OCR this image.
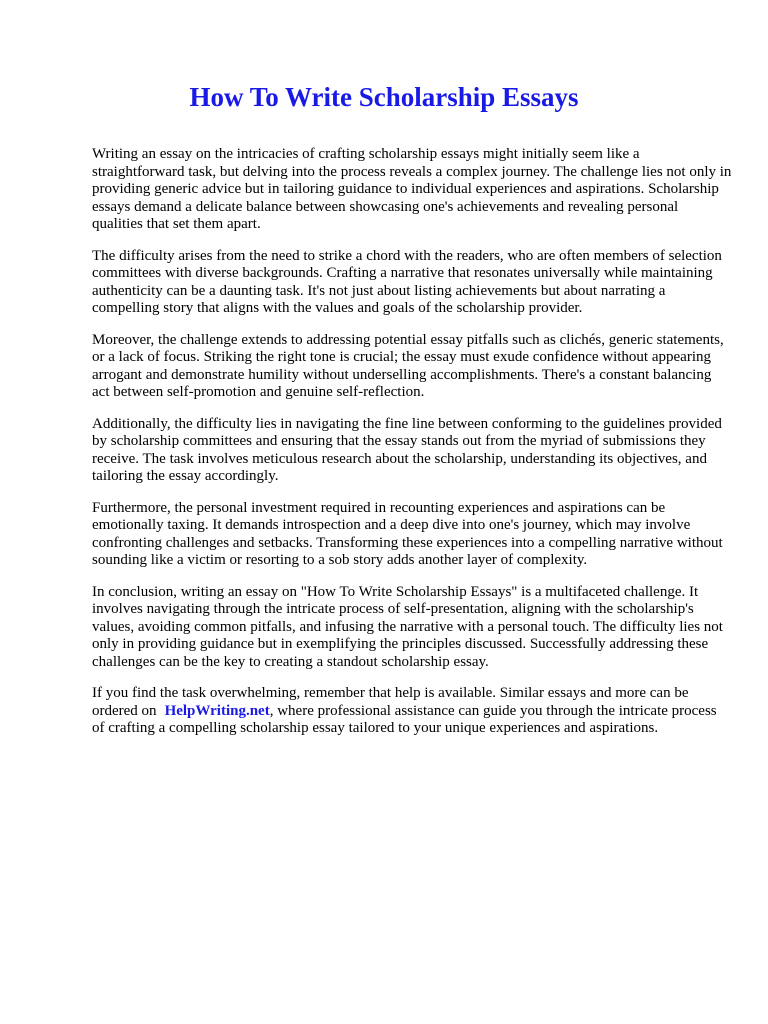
How To Write Scholarship Essays

Writing an essay on the intricacies of crafting scholarship essays might initially seem like a straightforward task, but delving into the process reveals a complex journey. The challenge lies not only in providing generic advice but in tailoring guidance to individual experiences and aspirations. Scholarship essays demand a delicate balance between showcasing one's achievements and revealing personal qualities that set them apart.

The difficulty arises from the need to strike a chord with the readers, who are often members of selection committees with diverse backgrounds. Crafting a narrative that resonates universally while maintaining authenticity can be a daunting task. It's not just about listing achievements but about narrating a compelling story that aligns with the values and goals of the scholarship provider.

Moreover, the challenge extends to addressing potential essay pitfalls such as clichés, generic statements, or a lack of focus. Striking the right tone is crucial; the essay must exude confidence without appearing arrogant and demonstrate humility without underselling accomplishments. There's a constant balancing act between self-promotion and genuine self-reflection.

Additionally, the difficulty lies in navigating the fine line between conforming to the guidelines provided by scholarship committees and ensuring that the essay stands out from the myriad of submissions they receive. The task involves meticulous research about the scholarship, understanding its objectives, and tailoring the essay accordingly.

Furthermore, the personal investment required in recounting experiences and aspirations can be emotionally taxing. It demands introspection and a deep dive into one's journey, which may involve confronting challenges and setbacks. Transforming these experiences into a compelling narrative without sounding like a victim or resorting to a sob story adds another layer of complexity.

In conclusion, writing an essay on "How To Write Scholarship Essays" is a multifaceted challenge. It involves navigating through the intricate process of self-presentation, aligning with the scholarship's values, avoiding common pitfalls, and infusing the narrative with a personal touch. The difficulty lies not only in providing guidance but in exemplifying the principles discussed. Successfully addressing these challenges can be the key to creating a standout scholarship essay.

If you find the task overwhelming, remember that help is available. Similar essays and more can be ordered on HelpWriting.net, where professional assistance can guide you through the intricate process of crafting a compelling scholarship essay tailored to your unique experiences and aspirations.
